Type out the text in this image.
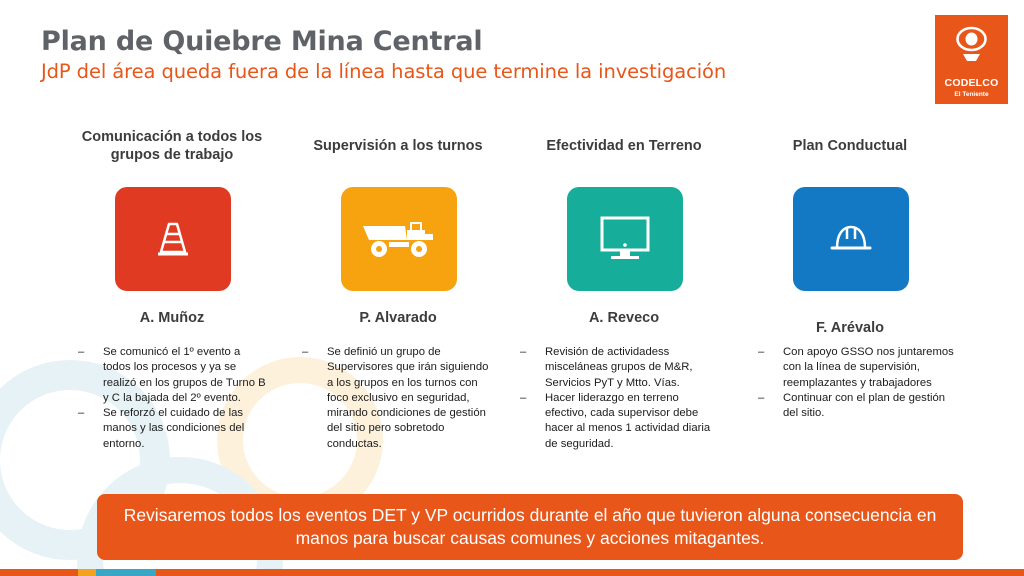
Plan de Quiebre Mina Central
JdP del área queda fuera de la línea hasta que termine la investigación	CODELCO
El Teniente
Comunicación a todos los grupos de trabajo
A. Muñoz
– Se comunicó el 1º evento a todos los procesos y ya se realizó en los grupos de Turno B y C la bajada del 2º evento.
– Se reforzó el cuidado de las manos y las condiciones del entorno.
Supervisión a los turnos
P. Alvarado
– Se definió un grupo de Supervisores que irán siguiendo a los grupos en los turnos con foco exclusivo en seguridad, mirando condiciones de gestión del sitio pero sobretodo conductas.
Efectividad en Terreno
A. Reveco
– Revisión de actividadess misceláneas grupos de M&R, Servicios PyT y Mtto. Vías.
– Hacer liderazgo en terreno efectivo, cada supervisor debe hacer al menos 1 actividad diaria de seguridad.
Plan Conductual
F. Arévalo
– Con apoyo GSSO nos juntaremos con la línea de supervisión, reemplazantes y trabajadores
– Continuar con el plan de gestión del sitio.
Revisaremos todos los eventos DET y VP ocurridos durante el año que tuvieron alguna consecuencia en manos para buscar causas comunes y acciones mitagantes.
